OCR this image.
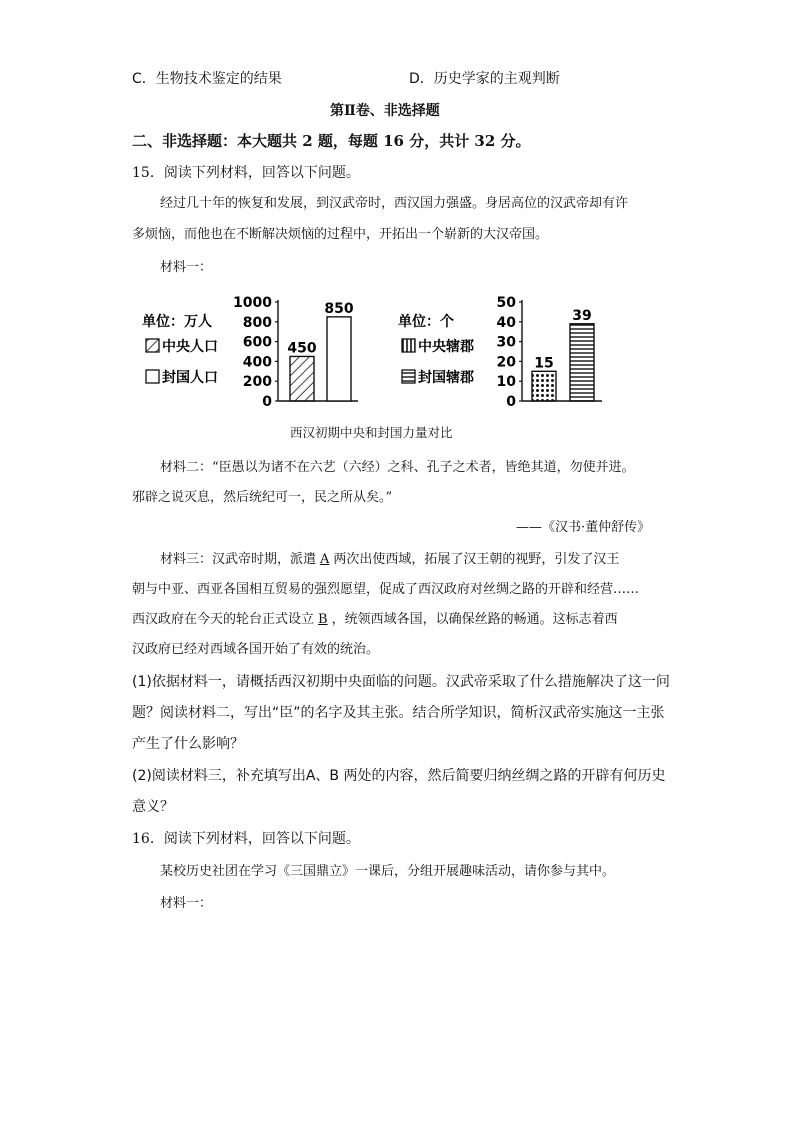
C．生物技术鉴定的结果	D．历史学家的主观判断
第Ⅱ卷、非选择题
二、非选择题：本大题共 2 题，每题 16 分，共计 32 分。
15．阅读下列材料，回答以下问题。
经过几十年的恢复和发展，到汉武帝时，西汉国力强盛。身居高位的汉武帝却有许
多烦恼，而他也在不断解决烦恼的过程中，开拓出一个崭新的大汉帝国。
材料一：
单位：万人
中央人口
封国人口
1000
800
600
400
200
0
450
850
单位：个
中央辖郡
封国辖郡
50
40
30
20
10
0
15
39
西汉初期中央和封国力量对比
材料二：“臣愚以为诸不在六艺（六经）之科、孔子之术者，皆绝其道，勿使并进。
邪辟之说灭息，然后统纪可一，民之所从矣。”
——《汉书·董仲舒传》
材料三：汉武帝时期，派遣 A 两次出使西域，拓展了汉王朝的视野，引发了汉王
朝与中亚、西亚各国相互贸易的强烈愿望，促成了西汉政府对丝绸之路的开辟和经营……
西汉政府在今天的轮台正式设立 B ，统领西域各国，以确保丝路的畅通。这标志着西
汉政府已经对西域各国开始了有效的统治。
(1)依据材料一，请概括西汉初期中央面临的问题。汉武帝采取了什么措施解决了这一问
题？阅读材料二，写出“臣”的名字及其主张。结合所学知识，简析汉武帝实施这一主张
产生了什么影响？
(2)阅读材料三，补充填写出A、B 两处的内容，然后简要归纳丝绸之路的开辟有何历史
意义？
16．阅读下列材料，回答以下问题。
某校历史社团在学习《三国鼎立》一课后，分组开展趣味活动，请你参与其中。
材料一：
